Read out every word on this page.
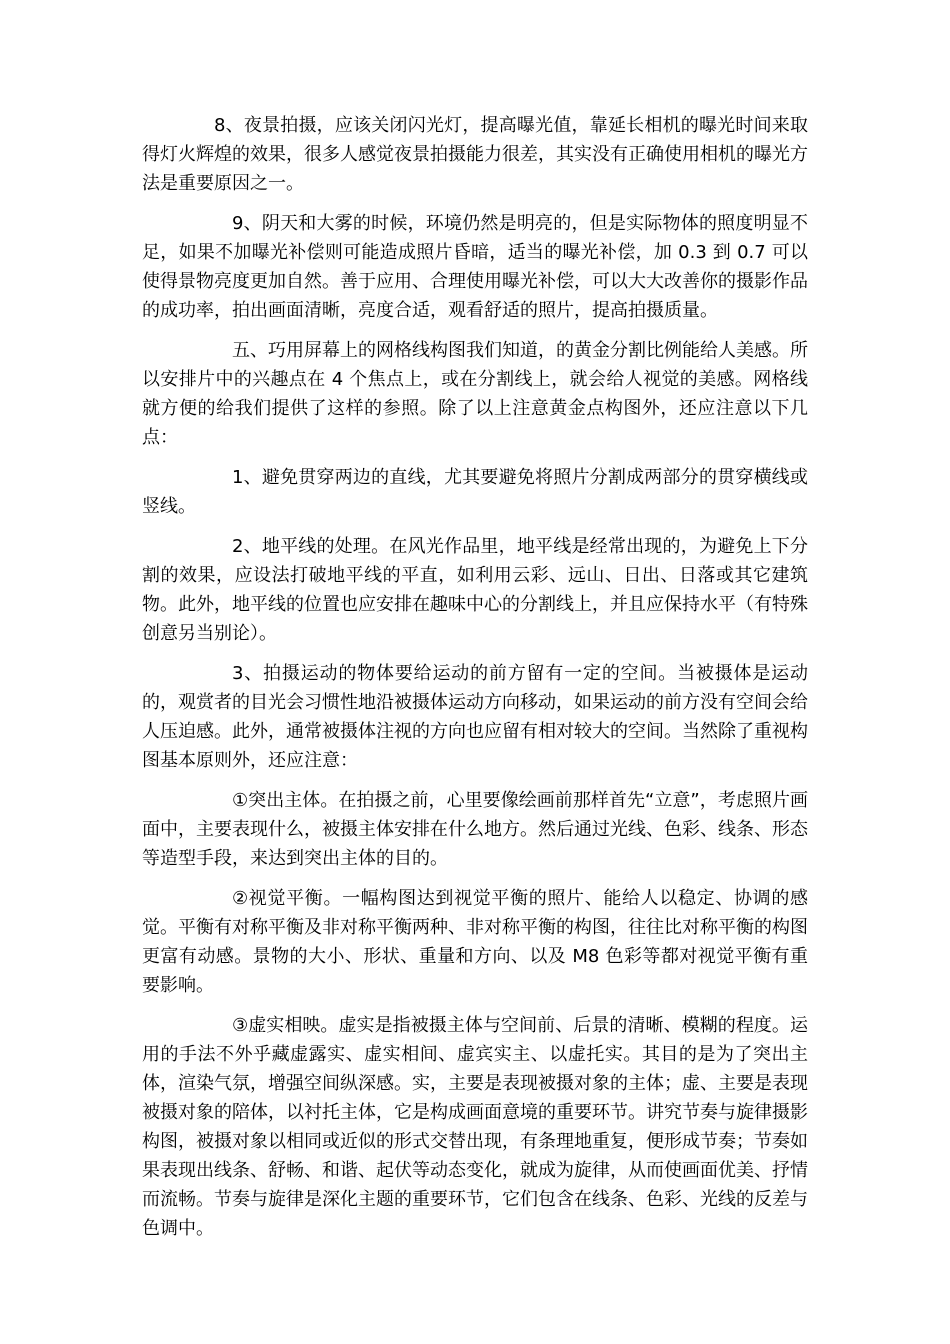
8、夜景拍摄，应该关闭闪光灯，提高曝光值，靠延长相机的曝光时间来取得灯火辉煌的效果，很多人感觉夜景拍摄能力很差，其实没有正确使用相机的曝光方法是重要原因之一。

9、阴天和大雾的时候，环境仍然是明亮的，但是实际物体的照度明显不足，如果不加曝光补偿则可能造成照片昏暗，适当的曝光补偿，加 0.3 到 0.7 可以使得景物亮度更加自然。善于应用、合理使用曝光补偿，可以大大改善你的摄影作品的成功率，拍出画面清晰，亮度合适，观看舒适的照片，提高拍摄质量。

五、巧用屏幕上的网格线构图我们知道，的黄金分割比例能给人美感。所以安排片中的兴趣点在 4 个焦点上，或在分割线上，就会给人视觉的美感。网格线就方便的给我们提供了这样的参照。除了以上注意黄金点构图外，还应注意以下几点：

1、避免贯穿两边的直线，尤其要避免将照片分割成两部分的贯穿横线或竖线。

2、地平线的处理。在风光作品里，地平线是经常出现的，为避免上下分割的效果，应设法打破地平线的平直，如利用云彩、远山、日出、日落或其它建筑物。此外，地平线的位置也应安排在趣味中心的分割线上，并且应保持水平（有特殊创意另当别论）。

3、拍摄运动的物体要给运动的前方留有一定的空间。当被摄体是运动的，观赏者的目光会习惯性地沿被摄体运动方向移动，如果运动的前方没有空间会给人压迫感。此外，通常被摄体注视的方向也应留有相对较大的空间。当然除了重视构图基本原则外，还应注意：

①突出主体。在拍摄之前，心里要像绘画前那样首先“立意”，考虑照片画面中，主要表现什么，被摄主体安排在什么地方。然后通过光线、色彩、线条、形态等造型手段，来达到突出主体的目的。

②视觉平衡。一幅构图达到视觉平衡的照片、能给人以稳定、协调的感觉。平衡有对称平衡及非对称平衡两种、非对称平衡的构图，往往比对称平衡的构图更富有动感。景物的大小、形状、重量和方向、以及 M8 色彩等都对视觉平衡有重要影响。

③虚实相映。虚实是指被摄主体与空间前、后景的清晰、模糊的程度。运用的手法不外乎藏虚露实、虚实相间、虚宾实主、以虚托实。其目的是为了突出主体，渲染气氛，增强空间纵深感。实，主要是表现被摄对象的主体；虚、主要是表现被摄对象的陪体，以衬托主体，它是构成画面意境的重要环节。讲究节奏与旋律摄影构图，被摄对象以相同或近似的形式交替出现，有条理地重复，便形成节奏；节奏如果表现出线条、舒畅、和谐、起伏等动态变化，就成为旋律，从而使画面优美、抒情而流畅。节奏与旋律是深化主题的重要环节，它们包含在线条、色彩、光线的反差与色调中。
